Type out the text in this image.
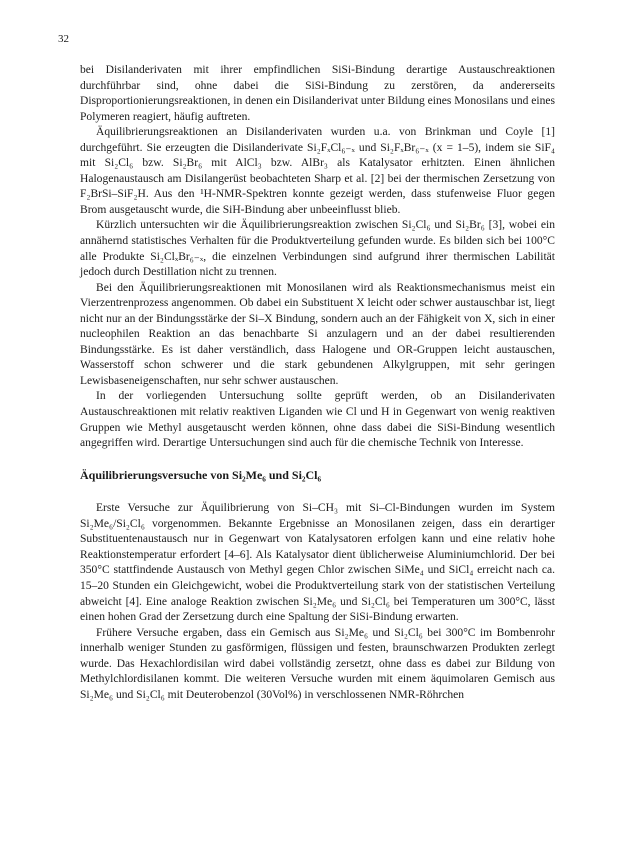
32

bei Disilanderivaten mit ihrer empfindlichen SiSi-Bindung derartige Austauschreaktionen durchführbar sind, ohne dabei die SiSi-Bindung zu zerstören, da andererseits Disproportionierungsreaktionen, in denen ein Disilanderivat unter Bildung eines Monosilans und eines Polymeren reagiert, häufig auftreten.

Äquilibrierungsreaktionen an Disilanderivaten wurden u.a. von Brinkman und Coyle [1] durchgeführt. Sie erzeugten die Disilanderivate Si₂FₓCl₆₋ₓ und Si₂FₓBr₆₋ₓ (x = 1–5), indem sie SiF₄ mit Si₂Cl₆ bzw. Si₂Br₆ mit AlCl₃ bzw. AlBr₃ als Katalysator erhitzten. Einen ähnlichen Halogenaustausch am Disilangerüst beobachteten Sharp et al. [2] bei der thermischen Zersetzung von F₂BrSi–SiF₂H. Aus den ¹H-NMR-Spektren konnte gezeigt werden, dass stufenweise Fluor gegen Brom ausgetauscht wurde, die SiH-Bindung aber unbeeinflusst blieb.

Kürzlich untersuchten wir die Äquilibrierungsreaktion zwischen Si₂Cl₆ und Si₂Br₆ [3], wobei ein annähernd statistisches Verhalten für die Produktverteilung gefunden wurde. Es bilden sich bei 100°C alle Produkte Si₂ClₓBr₆₋ₓ, die einzelnen Verbindungen sind aufgrund ihrer thermischen Labilität jedoch durch Destillation nicht zu trennen.

Bei den Äquilibrierungsreaktionen mit Monosilanen wird als Reaktionsmechanismus meist ein Vierzentrenprozess angenommen. Ob dabei ein Substituent X leicht oder schwer austauschbar ist, liegt nicht nur an der Bindungsstärke der Si–X Bindung, sondern auch an der Fähigkeit von X, sich in einer nucleophilen Reaktion an das benachbarte Si anzulagern und an der dabei resultierenden Bindungsstärke. Es ist daher verständlich, dass Halogene und OR-Gruppen leicht austauschen, Wasserstoff schon schwerer und die stark gebundenen Alkylgruppen, mit sehr geringen Lewisbaseneigenschaften, nur sehr schwer austauschen.

In der vorliegenden Untersuchung sollte geprüft werden, ob an Disilanderivaten Austauschreaktionen mit relativ reaktiven Liganden wie Cl und H in Gegenwart von wenig reaktiven Gruppen wie Methyl ausgetauscht werden können, ohne dass dabei die SiSi-Bindung wesentlich angegriffen wird. Derartige Untersuchungen sind auch für die chemische Technik von Interesse.

Äquilibrierungsversuche von Si₂Me₆ und Si₂Cl₆

Erste Versuche zur Äquilibrierung von Si–CH₃ mit Si–Cl-Bindungen wurden im System Si₂Me₆/Si₂Cl₆ vorgenommen. Bekannte Ergebnisse an Monosilanen zeigen, dass ein derartiger Substituentenaustausch nur in Gegenwart von Katalysatoren erfolgen kann und eine relativ hohe Reaktionstemperatur erfordert [4–6]. Als Katalysator dient üblicherweise Aluminiumchlorid. Der bei 350°C stattfindende Austausch von Methyl gegen Chlor zwischen SiMe₄ und SiCl₄ erreicht nach ca. 15–20 Stunden ein Gleichgewicht, wobei die Produktverteilung stark von der statistischen Verteilung abweicht [4]. Eine analoge Reaktion zwischen Si₂Me₆ und Si₂Cl₆ bei Temperaturen um 300°C, lässt einen hohen Grad der Zersetzung durch eine Spaltung der SiSi-Bindung erwarten.

Frühere Versuche ergaben, dass ein Gemisch aus Si₂Me₆ und Si₂Cl₆ bei 300°C im Bombenrohr innerhalb weniger Stunden zu gasförmigen, flüssigen und festen, braunschwarzen Produkten zerlegt wurde. Das Hexachlordisilan wird dabei vollständig zersetzt, ohne dass es dabei zur Bildung von Methylchlordisilanen kommt. Die weiteren Versuche wurden mit einem äquimolaren Gemisch aus Si₂Me₆ und Si₂Cl₆ mit Deuterobenzol (30Vol%) in verschlossenen NMR-Röhrchen
